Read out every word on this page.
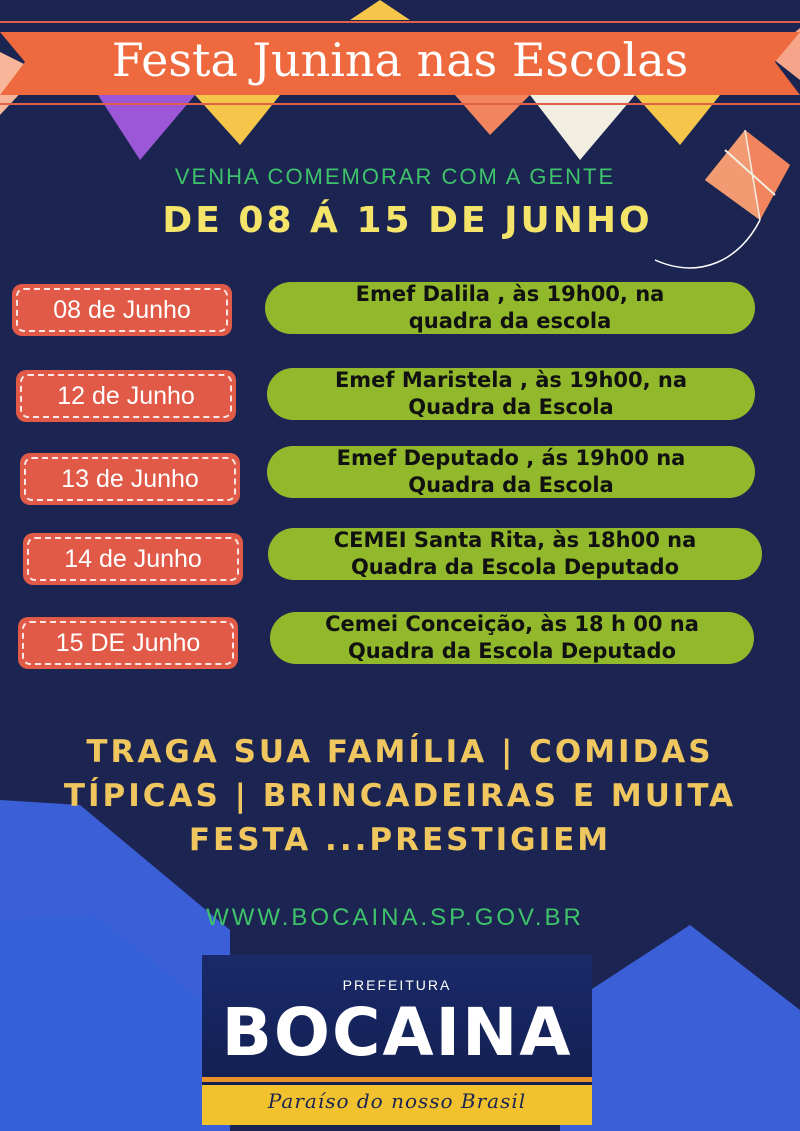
Festa Junina nas Escolas
VENHA COMEMORAR COM A GENTE
DE 08 Á 15 DE JUNHO
08 de Junho
Emef Dalila , às 19h00, na
quadra da escola
12 de Junho
Emef Maristela , às 19h00, na
Quadra da Escola
13 de Junho
Emef Deputado , ás 19h00 na
Quadra da Escola
14 de Junho
CEMEI Santa Rita, às 18h00 na
Quadra da Escola Deputado
15 DE Junho
Cemei Conceição, às 18 h 00 na
Quadra da Escola Deputado
TRAGA SUA FAMÍLIA | COMIDAS
TÍPICAS | BRINCADEIRAS E MUITA
FESTA ...PRESTIGIEM
WWW.BOCAINA.SP.GOV.BR
PREFEITURA
BOCAINA
Paraíso do nosso Brasil
